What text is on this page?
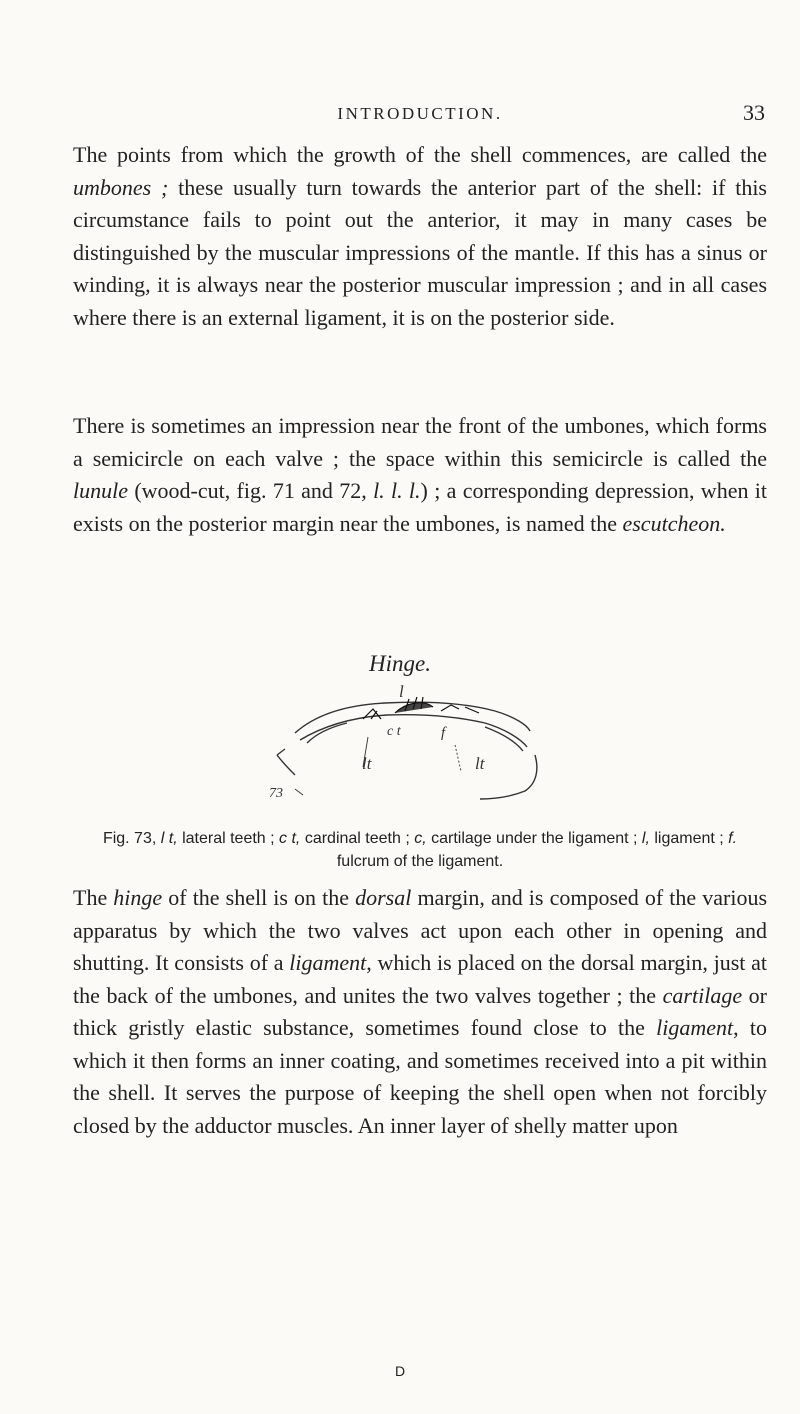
INTRODUCTION.	33

The points from which the growth of the shell commences, are called the umbones ; these usually turn towards the anterior part of the shell: if this circumstance fails to point out the anterior, it may in many cases be distinguished by the muscular impressions of the mantle. If this has a sinus or winding, it is always near the posterior muscular impression ; and in all cases where there is an external ligament, it is on the posterior side.

There is sometimes an impression near the front of the umbones, which forms a semicircle on each valve ; the space within this semicircle is called the lunule (wood-cut, fig. 71 and 72, l. l. l.) ; a corresponding depression, when it exists on the posterior margin near the umbones, is named the escutcheon.

Hinge.
l
c t	f
lt	lt
73
Fig. 73, l t, lateral teeth ; c t, cardinal teeth ; c, cartilage under the ligament ; l, ligament ; f. fulcrum of the ligament.

The hinge of the shell is on the dorsal margin, and is composed of the various apparatus by which the two valves act upon each other in opening and shutting. It consists of a ligament, which is placed on the dorsal margin, just at the back of the umbones, and unites the two valves together ; the cartilage or thick gristly elastic substance, sometimes found close to the ligament, to which it then forms an inner coating, and sometimes received into a pit within the shell. It serves the purpose of keeping the shell open when not forcibly closed by the adductor muscles. An inner layer of shelly matter upon

D
